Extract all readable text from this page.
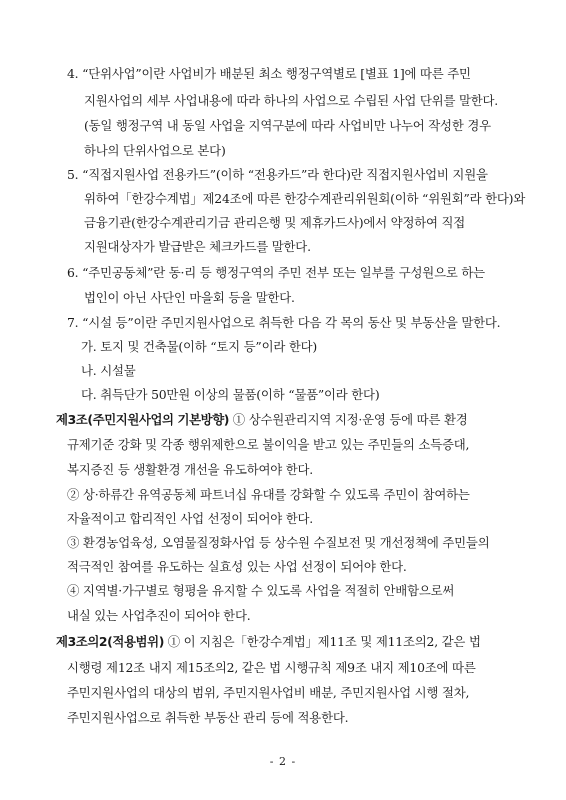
4. “단위사업”이란 사업비가 배분된 최소 행정구역별로 [별표 1]에 따른 주민
지원사업의 세부 사업내용에 따라 하나의 사업으로 수립된 사업 단위를 말한다.
(동일 행정구역 내 동일 사업을 지역구분에 따라 사업비만 나누어 작성한 경우
하나의 단위사업으로 본다)
5. “직접지원사업 전용카드”(이하 “전용카드”라 한다)란 직접지원사업비 지원을
위하여「한강수계법」제24조에 따른 한강수계관리위원회(이하 “위원회”라 한다)와
금융기관(한강수계관리기금 관리은행 및 제휴카드사)에서 약정하여 직접
지원대상자가 발급받은 체크카드를 말한다.
6. “주민공동체”란 동·리 등 행정구역의 주민 전부 또는 일부를 구성원으로 하는
법인이 아닌 사단인 마을회 등을 말한다.
7. “시설 등”이란 주민지원사업으로 취득한 다음 각 목의 동산 및 부동산을 말한다.
가. 토지 및 건축물(이하 “토지 등”이라 한다)
나. 시설물
다. 취득단가 50만원 이상의 물품(이하 “물품”이라 한다)
제3조(주민지원사업의 기본방향) ① 상수원관리지역 지정·운영 등에 따른 환경
규제기준 강화 및 각종 행위제한으로 불이익을 받고 있는 주민들의 소득증대,
복지증진 등 생활환경 개선을 유도하여야 한다.
② 상·하류간 유역공동체 파트너십 유대를 강화할 수 있도록 주민이 참여하는
자율적이고 합리적인 사업 선정이 되어야 한다.
③ 환경농업육성, 오염물질정화사업 등 상수원 수질보전 및 개선정책에 주민들의
적극적인 참여를 유도하는 실효성 있는 사업 선정이 되어야 한다.
④ 지역별·가구별로 형평을 유지할 수 있도록 사업을 적절히 안배함으로써
내실 있는 사업추진이 되어야 한다.
제3조의2(적용범위) ① 이 지침은「한강수계법」제11조 및 제11조의2, 같은 법
시행령 제12조 내지 제15조의2, 같은 법 시행규칙 제9조 내지 제10조에 따른
주민지원사업의 대상의 범위, 주민지원사업비 배분, 주민지원사업 시행 절차,
주민지원사업으로 취득한 부동산 관리 등에 적용한다.
- 2 -
